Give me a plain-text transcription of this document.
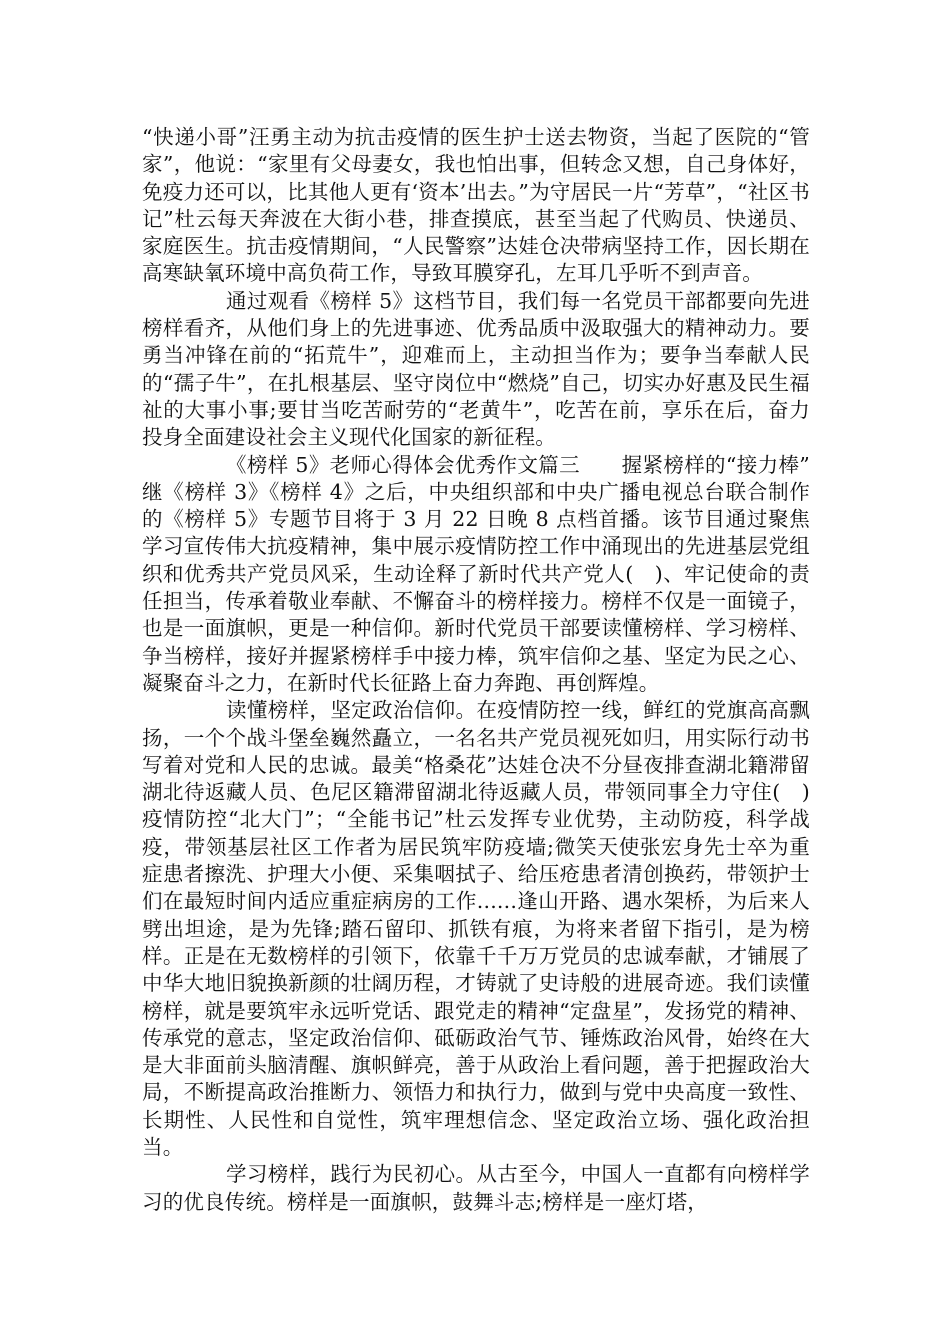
“快递小哥”汪勇主动为抗击疫情的医生护士送去物资，当起了医院的“管家”，他说：“家里有父母妻女，我也怕出事，但转念又想，自己身体好，免疫力还可以，比其他人更有‘资本’出去。”为守居民一片“芳草”，“社区书记”杜云每天奔波在大街小巷，排查摸底，甚至当起了代购员、快递员、家庭医生。抗击疫情期间，“人民警察”达娃仓决带病坚持工作，因长期在高寒缺氧环境中高负荷工作，导致耳膜穿孔，左耳几乎听不到声音。

通过观看《榜样 5》这档节目，我们每一名党员干部都要向先进榜样看齐，从他们身上的先进事迹、优秀品质中汲取强大的精神动力。要勇当冲锋在前的“拓荒牛”，迎难而上，主动担当作为；要争当奉献人民的“孺子牛”，在扎根基层、坚守岗位中“燃烧”自己，切实办好惠及民生福祉的大事小事;要甘当吃苦耐劳的“老黄牛”，吃苦在前，享乐在后，奋力投身全面建设社会主义现代化国家的新征程。

《榜样 5》老师心得体会优秀作文篇三　　握紧榜样的“接力棒”　　继《榜样 3》《榜样 4》之后，中央组织部和中央广播电视总台联合制作的《榜样 5》专题节目将于 3 月 22 日晚 8 点档首播。该节目通过聚焦学习宣传伟大抗疫精神，集中展示疫情防控工作中涌现出的先进基层党组织和优秀共产党员风采，生动诠释了新时代共产党人(　)、牢记使命的责任担当，传承着敬业奉献、不懈奋斗的榜样接力。榜样不仅是一面镜子，也是一面旗帜，更是一种信仰。新时代党员干部要读懂榜样、学习榜样、争当榜样，接好并握紧榜样手中接力棒，筑牢信仰之基、坚定为民之心、凝聚奋斗之力，在新时代长征路上奋力奔跑、再创辉煌。

读懂榜样，坚定政治信仰。在疫情防控一线，鲜红的党旗高高飘扬，一个个战斗堡垒巍然矗立，一名名共产党员视死如归，用实际行动书写着对党和人民的忠诚。最美“格桑花”达娃仓决不分昼夜排查湖北籍滞留湖北待返藏人员、色尼区籍滞留湖北待返藏人员，带领同事全力守住(　)疫情防控“北大门”；“全能书记”杜云发挥专业优势，主动防疫，科学战疫，带领基层社区工作者为居民筑牢防疫墙;微笑天使张宏身先士卒为重症患者擦洗、护理大小便、采集咽拭子、给压疮患者清创换药，带领护士们在最短时间内适应重症病房的工作......逢山开路、遇水架桥，为后来人劈出坦途，是为先锋;踏石留印、抓铁有痕，为将来者留下指引，是为榜样。正是在无数榜样的引领下，依靠千千万万党员的忠诚奉献，才铺展了中华大地旧貌换新颜的壮阔历程，才铸就了史诗般的进展奇迹。我们读懂榜样，就是要筑牢永远听党话、跟党走的精神“定盘星”，发扬党的精神、传承党的意志，坚定政治信仰、砥砺政治气节、锤炼政治风骨，始终在大是大非面前头脑清醒、旗帜鲜亮，善于从政治上看问题，善于把握政治大局，不断提高政治推断力、领悟力和执行力，做到与党中央高度一致性、长期性、人民性和自觉性，筑牢理想信念、坚定政治立场、强化政治担当。

学习榜样，践行为民初心。从古至今，中国人一直都有向榜样学习的优良传统。榜样是一面旗帜，鼓舞斗志;榜样是一座灯塔，
